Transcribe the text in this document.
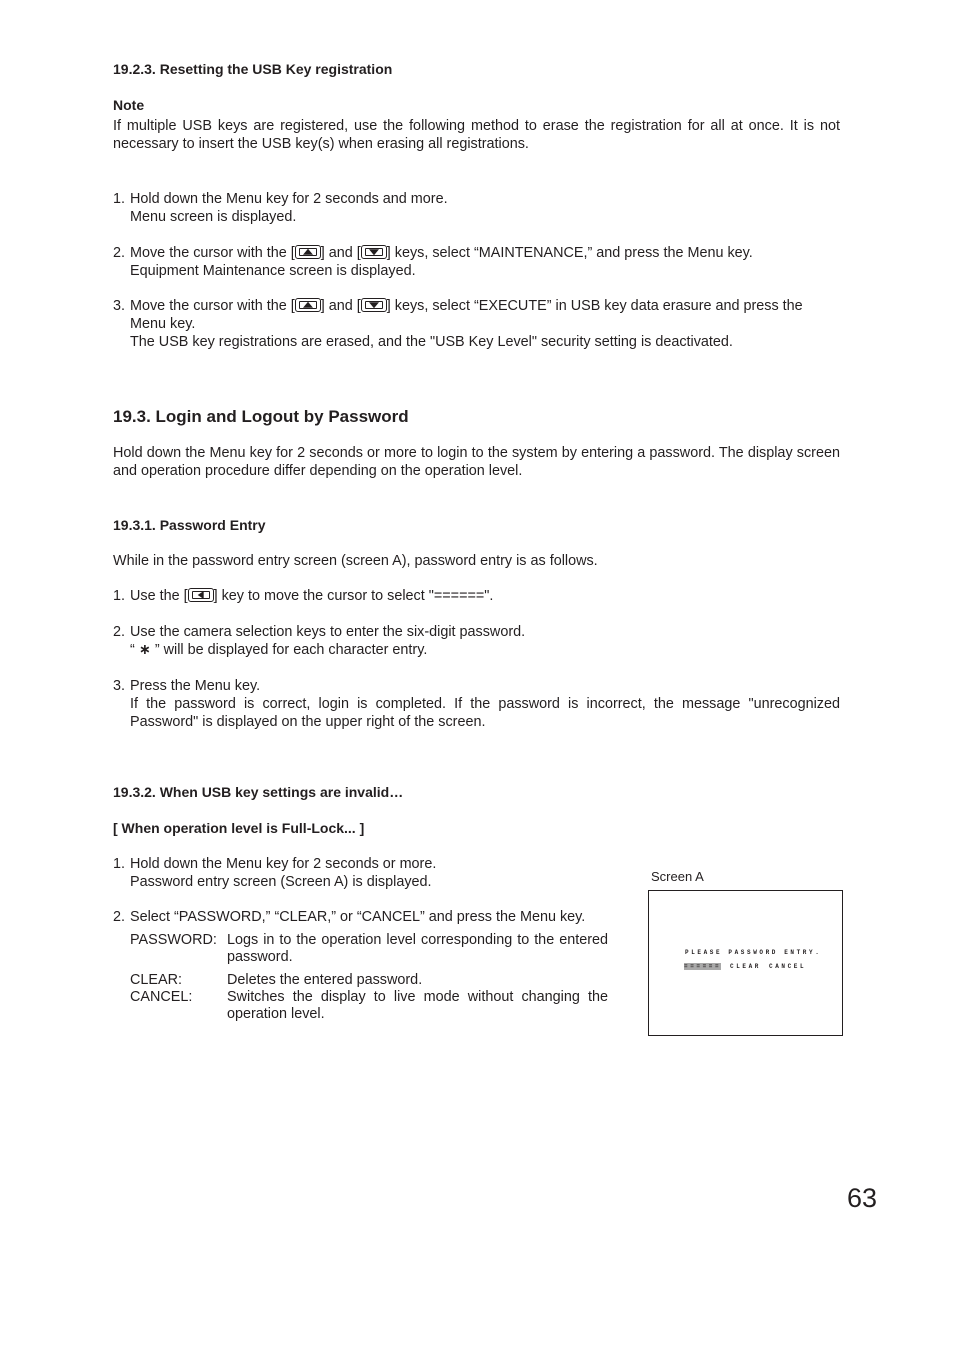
19.2.3. Resetting the USB Key registration
Note
If multiple USB keys are registered, use the following method to erase the registration for all at once. It is not necessary to insert the USB key(s) when erasing all registrations.
1. Hold down the Menu key for 2 seconds and more.
Menu screen is displayed.
2. Move the cursor with the [ ] and [ ] keys, select “MAINTENANCE,” and press the Menu key.
Equipment Maintenance screen is displayed.
3. Move the cursor with the [ ] and [ ] keys, select “EXECUTE” in USB key data erasure and press the
Menu key.
The USB key registrations are erased, and the "USB Key Level" security setting is deactivated.
19.3. Login and Logout by Password
Hold down the Menu key for 2 seconds or more to login to the system by entering a password. The display screen and operation procedure differ depending on the operation level.
19.3.1. Password Entry
While in the password entry screen (screen A), password entry is as follows.
1. Use the [ ] key to move the cursor to select "======".
2. Use the camera selection keys to enter the six-digit password.
“ ∗ ” will be displayed for each character entry.
3. Press the Menu key.
If the password is correct, login is completed. If the password is incorrect, the message "unrecognized Password" is displayed on the upper right of the screen.
19.3.2. When USB key settings are invalid…
[ When operation level is Full-Lock... ]
1. Hold down the Menu key for 2 seconds or more.
Password entry screen (Screen A) is displayed.
2. Select “PASSWORD,” “CLEAR,” or “CANCEL” and press the Menu key.
PASSWORD: Logs in to the operation level corresponding to the entered password.
CLEAR:	Deletes the entered password.
CANCEL: Switches the display to live mode without changing the operation level.
Screen A
PLEASE PASSWORD ENTRY.
====== CLEAR CANCEL
63
